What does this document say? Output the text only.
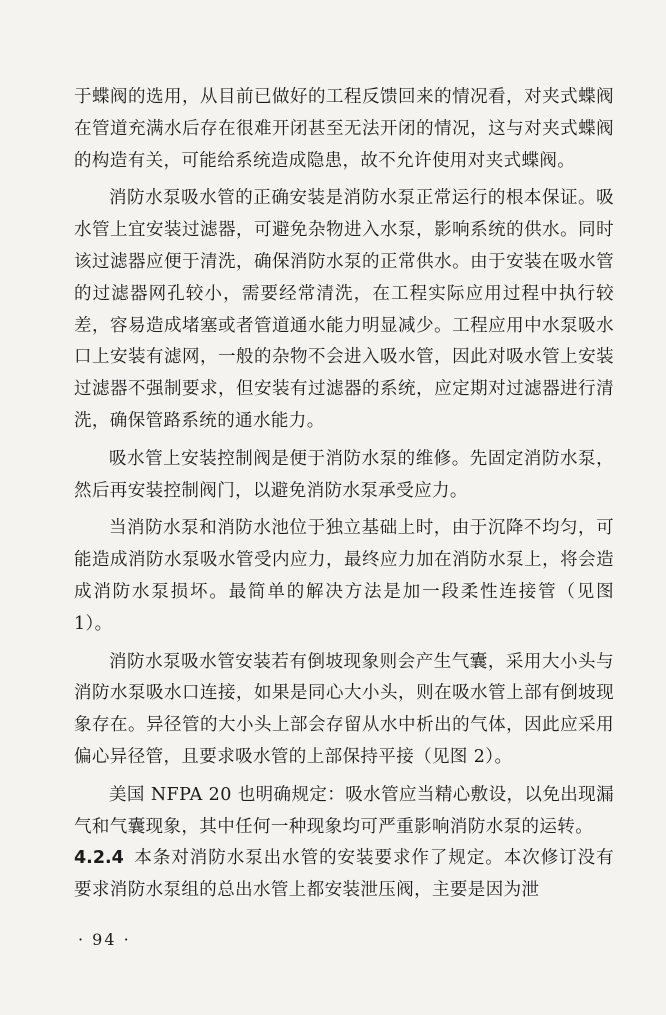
于蝶阀的选用，从目前已做好的工程反馈回来的情况看，对夹式蝶阀在管道充满水后存在很难开闭甚至无法开闭的情况，这与对夹式蝶阀的构造有关，可能给系统造成隐患，故不允许使用对夹式蝶阀。

消防水泵吸水管的正确安装是消防水泵正常运行的根本保证。吸水管上宜安装过滤器，可避免杂物进入水泵，影响系统的供水。同时该过滤器应便于清洗，确保消防水泵的正常供水。由于安装在吸水管的过滤器网孔较小，需要经常清洗，在工程实际应用过程中执行较差，容易造成堵塞或者管道通水能力明显减少。工程应用中水泵吸水口上安装有滤网，一般的杂物不会进入吸水管，因此对吸水管上安装过滤器不强制要求，但安装有过滤器的系统，应定期对过滤器进行清洗，确保管路系统的通水能力。

吸水管上安装控制阀是便于消防水泵的维修。先固定消防水泵，然后再安装控制阀门，以避免消防水泵承受应力。

当消防水泵和消防水池位于独立基础上时，由于沉降不均匀，可能造成消防水泵吸水管受内应力，最终应力加在消防水泵上，将会造成消防水泵损坏。最简单的解决方法是加一段柔性连接管（见图 1）。

消防水泵吸水管安装若有倒坡现象则会产生气囊，采用大小头与消防水泵吸水口连接，如果是同心大小头，则在吸水管上部有倒坡现象存在。异径管的大小头上部会存留从水中析出的气体，因此应采用偏心异径管，且要求吸水管的上部保持平接（见图 2）。

美国 NFPA 20 也明确规定：吸水管应当精心敷设，以免出现漏气和气囊现象，其中任何一种现象均可严重影响消防水泵的运转。

4.2.4 本条对消防水泵出水管的安装要求作了规定。本次修订没有要求消防水泵组的总出水管上都安装泄压阀，主要是因为泄

· 94 ·
